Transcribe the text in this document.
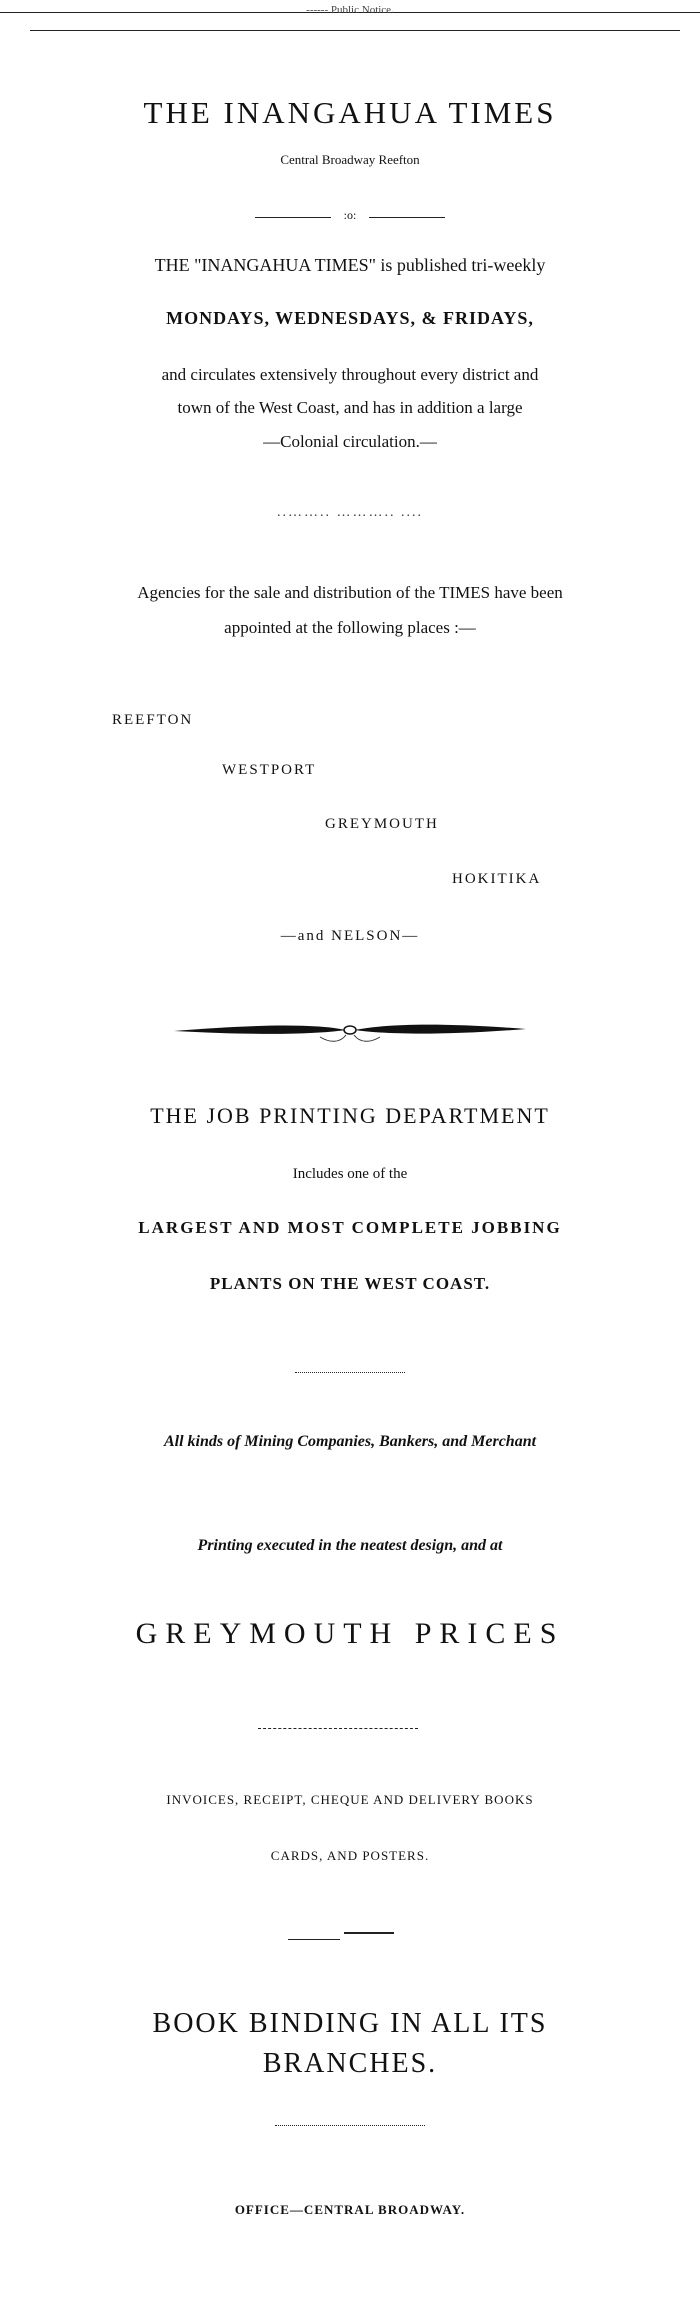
------ Public Notice.
THE INANGAHUA TIMES
Central Broadway Reefton
:o:
THE "INANGAHUA TIMES" is published tri-weekly
MONDAYS, WEDNESDAYS, & FRIDAYS,
and circulates extensively throughout every district and
town of the West Coast, and has in addition a large
—Colonial circulation.—
..…….. ……….. ....
Agencies for the sale and distribution of the TIMES have been
appointed at the following places :—
REEFTON
WESTPORT
GREYMOUTH
HOKITIKA
—and NELSON—
THE JOB PRINTING DEPARTMENT
Includes one of the
LARGEST AND MOST COMPLETE JOBBING
PLANTS ON THE WEST COAST.
All kinds of Mining Companies, Bankers, and Merchant
Printing executed in the neatest design, and at
GREYMOUTH PRICES
INVOICES, RECEIPT, CHEQUE AND DELIVERY BOOKS
CARDS, AND POSTERS.
BOOK BINDING IN ALL ITS
BRANCHES.
OFFICE—CENTRAL BROADWAY.
